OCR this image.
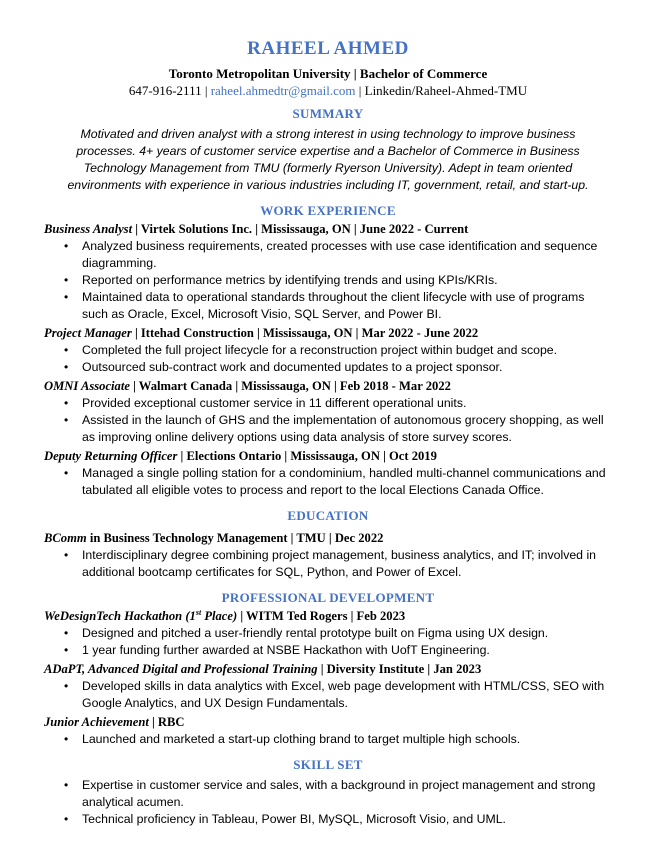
RAHEEL AHMED
Toronto Metropolitan University | Bachelor of Commerce
647-916-2111 | raheel.ahmedtr@gmail.com | Linkedin/Raheel-Ahmed-TMU
SUMMARY

Motivated and driven analyst with a strong interest in using technology to improve business processes. 4+ years of customer service expertise and a Bachelor of Commerce in Business Technology Management from TMU (formerly Ryerson University). Adept in team oriented environments with experience in various industries including IT, government, retail, and start-up.

WORK EXPERIENCE
Business Analyst | Virtek Solutions Inc. | Mississauga, ON | June 2022 - Current
• Analyzed business requirements, created processes with use case identification and sequence diagramming.
• Reported on performance metrics by identifying trends and using KPIs/KRIs.
• Maintained data to operational standards throughout the client lifecycle with use of programs such as Oracle, Excel, Microsoft Visio, SQL Server, and Power BI.
Project Manager | Ittehad Construction | Mississauga, ON | Mar 2022 - June 2022
• Completed the full project lifecycle for a reconstruction project within budget and scope.
• Outsourced sub-contract work and documented updates to a project sponsor.
OMNI Associate | Walmart Canada | Mississauga, ON | Feb 2018 - Mar 2022
• Provided exceptional customer service in 11 different operational units.
• Assisted in the launch of GHS and the implementation of autonomous grocery shopping, as well as improving online delivery options using data analysis of store survey scores.
Deputy Returning Officer | Elections Ontario | Mississauga, ON | Oct 2019
• Managed a single polling station for a condominium, handled multi-channel communications and tabulated all eligible votes to process and report to the local Elections Canada Office.
EDUCATION
BComm in Business Technology Management | TMU | Dec 2022
• Interdisciplinary degree combining project management, business analytics, and IT; involved in additional bootcamp certificates for SQL, Python, and Power of Excel.
PROFESSIONAL DEVELOPMENT
WeDesignTech Hackathon (1st Place) | WITM Ted Rogers | Feb 2023
• Designed and pitched a user-friendly rental prototype built on Figma using UX design.
• 1 year funding further awarded at NSBE Hackathon with UofT Engineering.
ADaPT, Advanced Digital and Professional Training | Diversity Institute | Jan 2023
• Developed skills in data analytics with Excel, web page development with HTML/CSS, SEO with Google Analytics, and UX Design Fundamentals.
Junior Achievement | RBC
• Launched and marketed a start-up clothing brand to target multiple high schools.
SKILL SET
• Expertise in customer service and sales, with a background in project management and strong analytical acumen.
• Technical proficiency in Tableau, Power BI, MySQL, Microsoft Visio, and UML.
